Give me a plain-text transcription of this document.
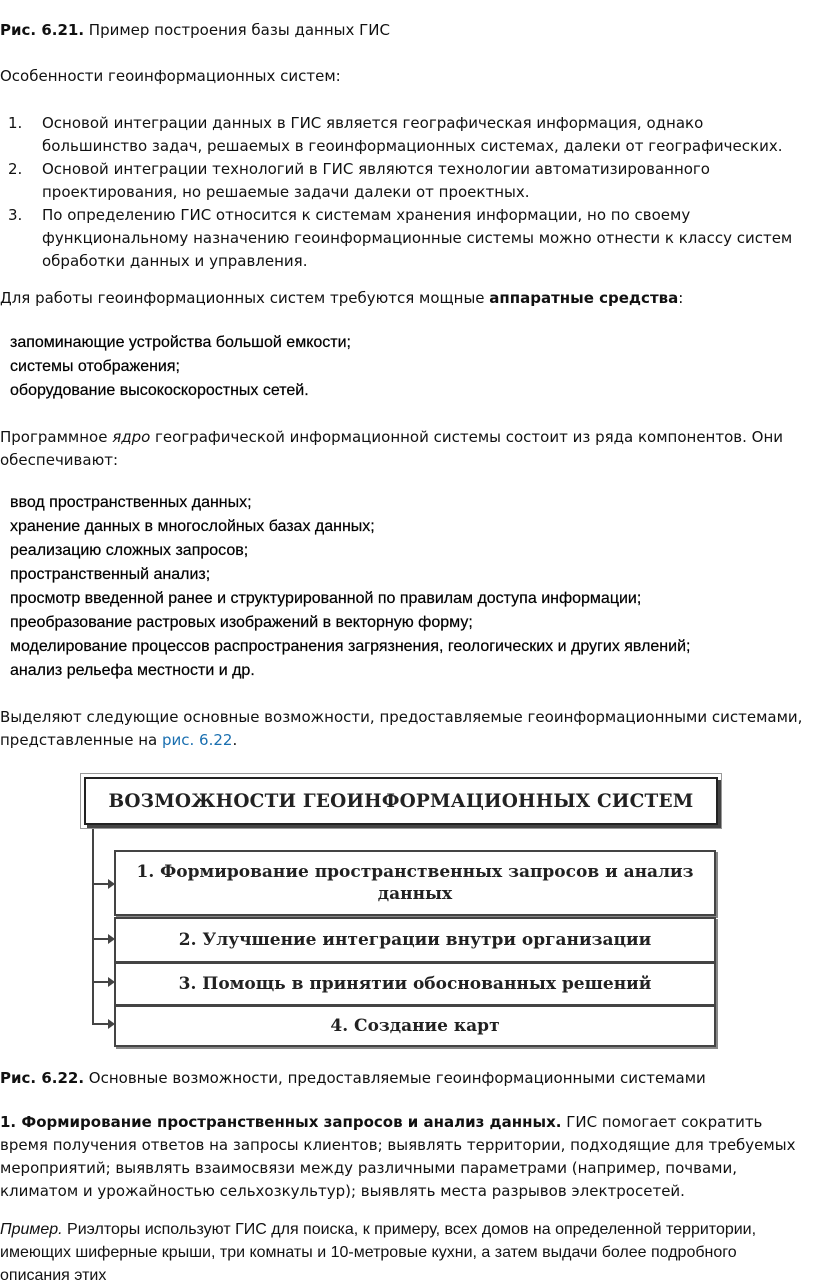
Рис. 6.21. Пример построения базы данных ГИС

Особенности геоинформационных систем:

1. Основой интеграции данных в ГИС является географическая информация, однако большинство задач, решаемых в геоинформационных системах, далеки от географических.
2. Основой интеграции технологий в ГИС являются технологии автоматизированного проектирования, но решаемые задачи далеки от проектных.
3. По определению ГИС относится к системам хранения информации, но по своему функциональному назначению геоинформационные системы можно отнести к классу систем обработки данных и управления.

Для работы геоинформационных систем требуются мощные аппаратные средства:

запоминающие устройства большой емкости;
системы отображения;
оборудование высокоскоростных сетей.

Программное ядро географической информационной системы состоит из ряда компонентов. Они обеспечивают:

ввод пространственных данных;
хранение данных в многослойных базах данных;
реализацию сложных запросов;
пространственный анализ;
просмотр введенной ранее и структурированной по правилам доступа информации;
преобразование растровых изображений в векторную форму;
моделирование процессов распространения загрязнения, геологических и других явлений;
анализ рельефа местности и др.

Выделяют следующие основные возможности, предоставляемые геоинформационными системами, представленные на рис. 6.22.

ВОЗМОЖНОСТИ ГЕОИНФОРМАЦИОННЫХ СИСТЕМ
1. Формирование пространственных запросов и анализ данных
2. Улучшение интеграции внутри организации
3. Помощь в принятии обоснованных решений
4. Создание карт

Рис. 6.22. Основные возможности, предоставляемые геоинформационными системами

1. Формирование пространственных запросов и анализ данных. ГИС помогает сократить время получения ответов на запросы клиентов; выявлять территории, подходящие для требуемых мероприятий; выявлять взаимосвязи между различными параметрами (например, почвами, климатом и урожайностью сельхозкультур); выявлять места разрывов электросетей.

Пример. Риэлторы используют ГИС для поиска, к примеру, всех домов на определенной территории, имеющих шиферные крыши, три комнаты и 10-метровые кухни, а затем выдачи более подробного описания этих
